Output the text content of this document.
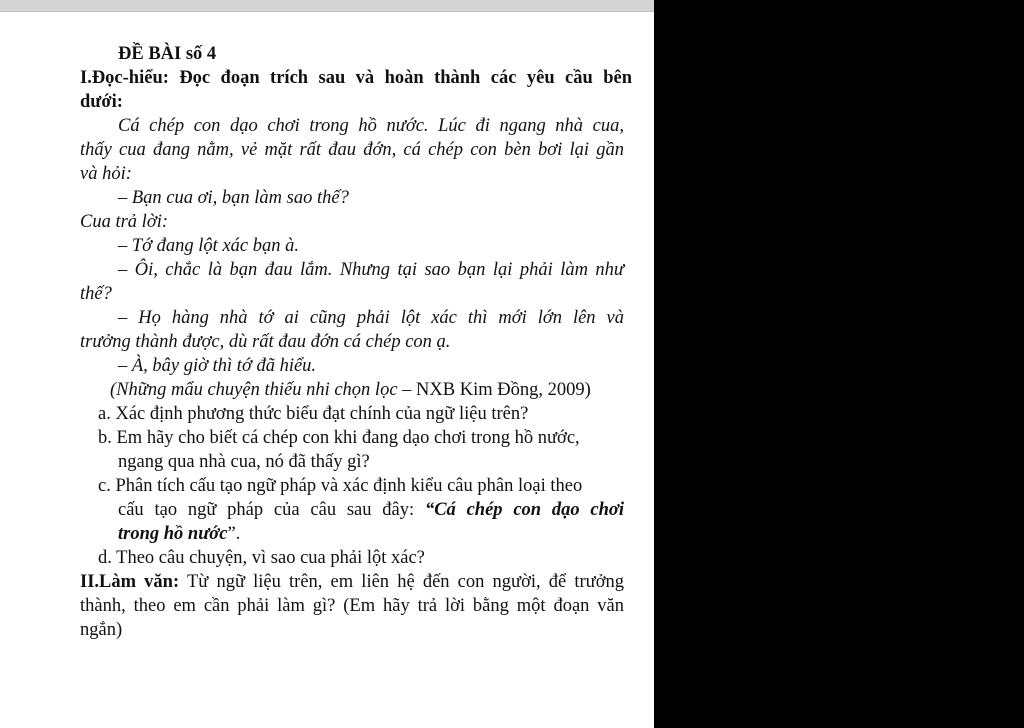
ĐỀ BÀI số 4
I.Đọc-hiểu: Đọc đoạn trích sau và hoàn thành các yêu cầu bên
dưới:
Cá chép con dạo chơi trong hồ nước. Lúc đi ngang nhà cua,
thấy cua đang nằm, vẻ mặt rất đau đớn, cá chép con bèn bơi lại gần
và hỏi:
– Bạn cua ơi, bạn làm sao thế?
Cua trả lời:
– Tớ đang lột xác bạn à.
– Ôi, chắc là bạn đau lắm. Nhưng tại sao bạn lại phải làm như
thế?
– Họ hàng nhà tớ ai cũng phải lột xác thì mới lớn lên và
trưởng thành được, dù rất đau đớn cá chép con ạ.
– À, bây giờ thì tớ đã hiểu.
(Những mẩu chuyện thiếu nhi chọn lọc – NXB Kim Đồng, 2009)
a. Xác định phương thức biểu đạt chính của ngữ liệu trên?
b. Em hãy cho biết cá chép con khi đang dạo chơi trong hồ nước,
ngang qua nhà cua, nó đã thấy gì?
c. Phân tích cấu tạo ngữ pháp và xác định kiểu câu phân loại theo
cấu tạo ngữ pháp của câu sau đây: “Cá chép con dạo chơi
trong hồ nước”.
d. Theo câu chuyện, vì sao cua phải lột xác?
II.Làm văn: Từ ngữ liệu trên, em liên hệ đến con người, để trưởng
thành, theo em cần phải làm gì? (Em hãy trả lời bằng một đoạn văn
ngắn)
